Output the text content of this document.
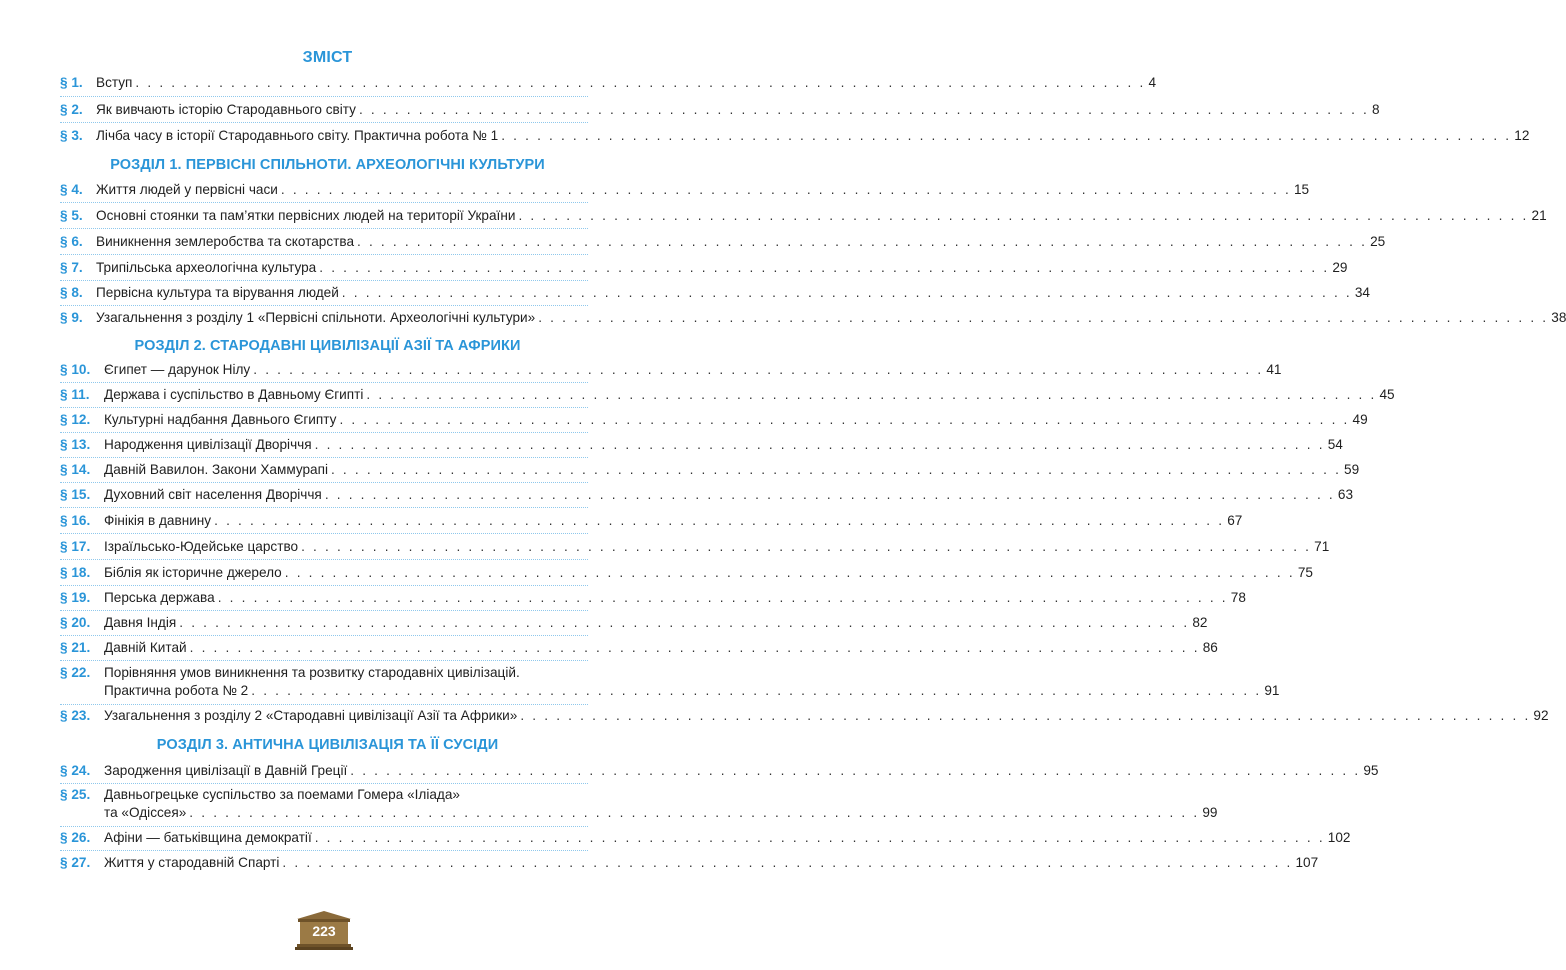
ЗМІСТ
§ 1. Вступ . . .	4
§ 2. Як вивчають історію Стародавнього світу . . .	8
§ 3. Лічба часу в історії Стародавнього світу. Практична робота № 1 . . .	12
РОЗДІЛ 1. ПЕРВІСНІ СПІЛЬНОТИ. АРХЕОЛОГІЧНІ КУЛЬТУРИ
§ 4. Життя людей у первісні часи . . .	15
§ 5. Основні стоянки та пам’ятки первісних людей на території України . . .	21
§ 6. Виникнення землеробства та скотарства . . .	25
§ 7. Трипільська археологічна культура . . .	29
§ 8. Первісна культура та вірування людей . . .	34
§ 9. Узагальнення з розділу 1 «Первісні спільноти. Археологічні культури» . . .	38
РОЗДІЛ 2. СТАРОДАВНІ ЦИВІЛІЗАЦІЇ АЗІЇ ТА АФРИКИ
§ 10.	Єгипет — дарунок Нілу . . .	41
§ 11.	Держава і суспільство в Давньому Єгипті . . .	45
§ 12.	Культурні надбання Давнього Єгипту . . .	49
§ 13.	Народження цивілізації Дворіччя . . .	54
§ 14.	Давній Вавилон. Закони Хаммурапі . . .	59
§ 15.	Духовний світ населення Дворіччя . . .	63
§ 16.	Фінікія в давнину . . .	67
§ 17.	Ізраїльсько-Юдейське царство . . .	71
§ 18.	Біблія як історичне джерело . . .	75
§ 19.	Перська держава . . .	78
§ 20.	Давня Індія . . .	82
§ 21.	Давній Китай . . .	86
§ 22.	Порівняння умов виникнення та розвитку стародавніх цивілізацій.
Практична робота № 2 . . .	91
§ 23.	Узагальнення з розділу 2 «Стародавні цивілізації Азії та Африки» . . .	92
РОЗДІЛ 3. АНТИЧНА ЦИВІЛІЗАЦІЯ ТА ЇЇ СУСІДИ
§ 24.	Зародження цивілізації в Давній Греції . . .	95
§ 25.	Давньогрецьке суспільство за поемами Гомера «Іліада»
та «Одіссея» . . .	99
§ 26.	Афіни — батьківщина демократії . . .	102
§ 27.	Життя у стародавній Спарті . . .	107
223
